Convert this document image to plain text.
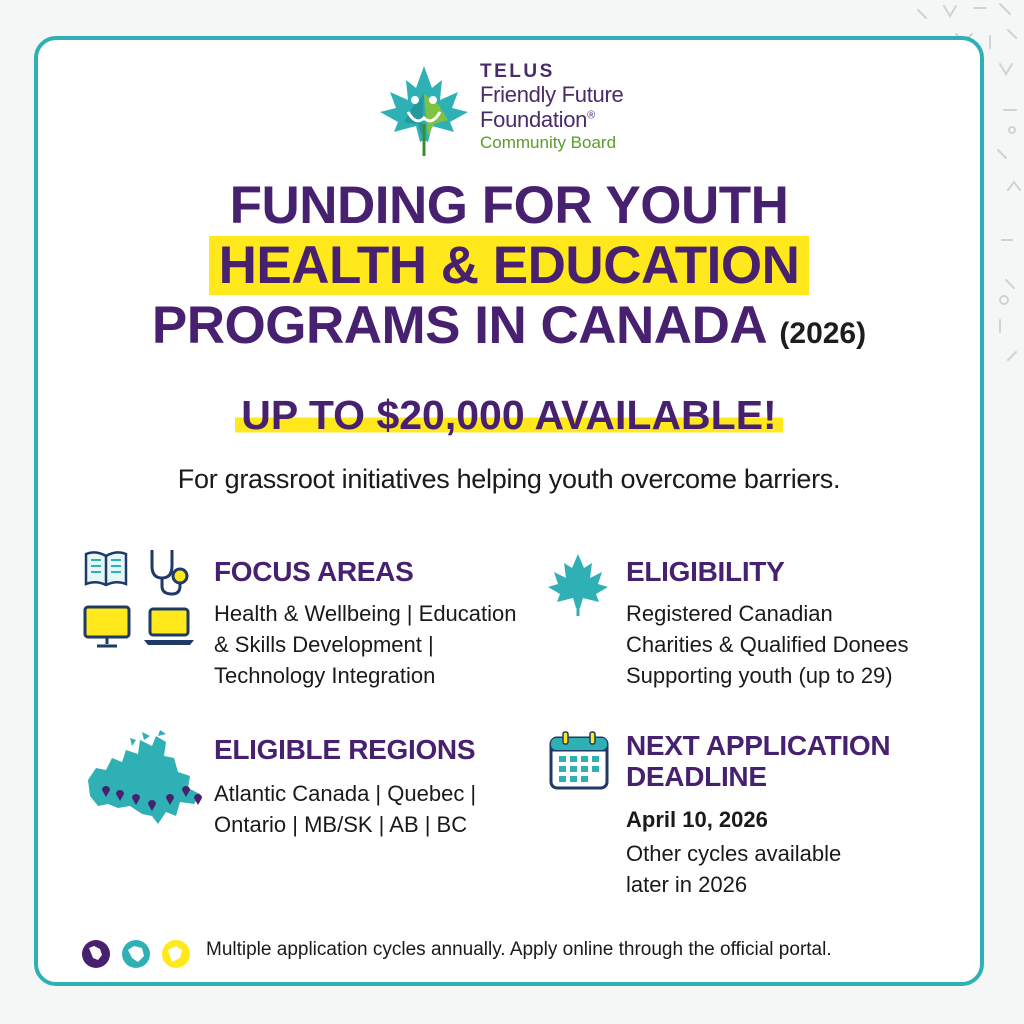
TELUS
Friendly Future
Foundation®
Community Board
FUNDING FOR YOUTH
HEALTH & EDUCATION
PROGRAMS IN CANADA (2026)
UP TO $20,000 AVAILABLE!
For grassroot initiatives helping youth overcome barriers.
FOCUS AREAS
Health & Wellbeing | Education
& Skills Development |
Technology Integration
ELIGIBILITY
Registered Canadian
Charities & Qualified Donees
Supporting youth (up to 29)
ELIGIBLE REGIONS
Atlantic Canada | Quebec |
Ontario | MB/SK | AB | BC
NEXT APPLICATION
DEADLINE
April 10, 2026
Other cycles available
later in 2026
Multiple application cycles annually. Apply online through the official portal.
